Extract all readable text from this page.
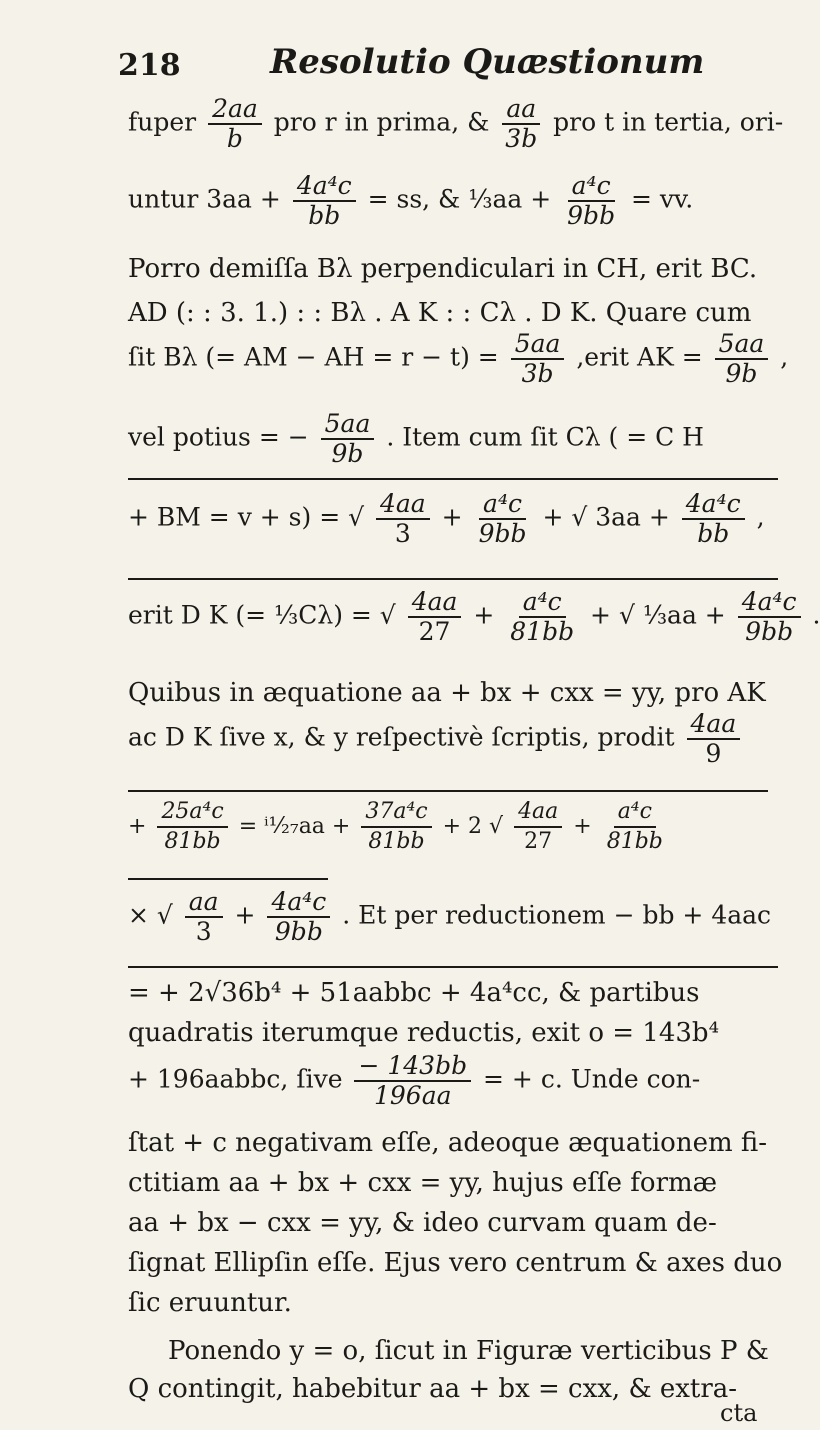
218	Resolutio Quæstionum
fuper $\frac{2aa}{b}$ pro r in prima, & $\frac{aa}{3b}$ pro t in tertia, ori-
untur $3aa + \frac{\text{4a⁴c}}{bb}$ = ss, & ⅓aa + $\frac{\text{a⁴c}}{9bb}$ = vv.
Porro demiſſa Bλ perpendiculari in CH, erit BC.
AD (: : 3. 1.) : : Bλ . A K : : Cλ . D K. Quare cum
ſit Bλ (= AM − AH = $r - t) = \frac{5aa}{3b}$ ,erit AK = $\frac{5aa}{9b}$ ,
vel potius = − $\frac{5aa}{9b}$ . Item cum ſit Cλ ( = C H
+ BM = v + s) = √ $\frac{4aa}{3} + \frac{\text{a⁴c}}{9bb}$ + √ $3aa + \frac{\text{4a⁴c}}{bb}$ ,
erit D K (= ⅓Cλ) = √ $\frac{4aa}{27} + \frac{\text{a⁴c}}{81bb}$ + √ ⅓aa + $\frac{\text{4a⁴c}}{9bb}$ .
Quibus in æquatione aa + bx + cxx = yy, pro AK
ac D K ſive x, & y reſpectivè ſcriptis, prodit $\frac{4aa}{9}$
+ $\frac{\text{25a⁴c}}{81bb}$ = ⁱ¹⁄₂₇aa + $\frac{\text{37a⁴c}}{81bb} + 2$ √ $\frac{4aa}{27} + \frac{\text{a⁴c}}{81bb}$
× √ $\frac{aa}{3} + \frac{\text{4a⁴c}}{9bb}$ . Et per reductionem − bb + 4aac
= + 2√36b⁴ + 51aabbc + 4a⁴cc, & partibus
quadratis iterumque reductis, exit o = 143b⁴
+ 196aabbc, ſive $\frac{- 143bb}{196aa}$ = + c. Unde con-
ſtat + c negativam eſſe, adeoque æquationem fi-
ctitiam aa + bx + cxx = yy, hujus eſſe formæ
aa + bx − cxx = yy, & ideo curvam quam de-
ſignat Ellipſin eſſe. Ejus vero centrum & axes duo
ſic eruuntur.
Ponendo y = o, ſicut in Figuræ verticibus P &
Q contingit, habebitur aa + bx = cxx, & extra-
cta
